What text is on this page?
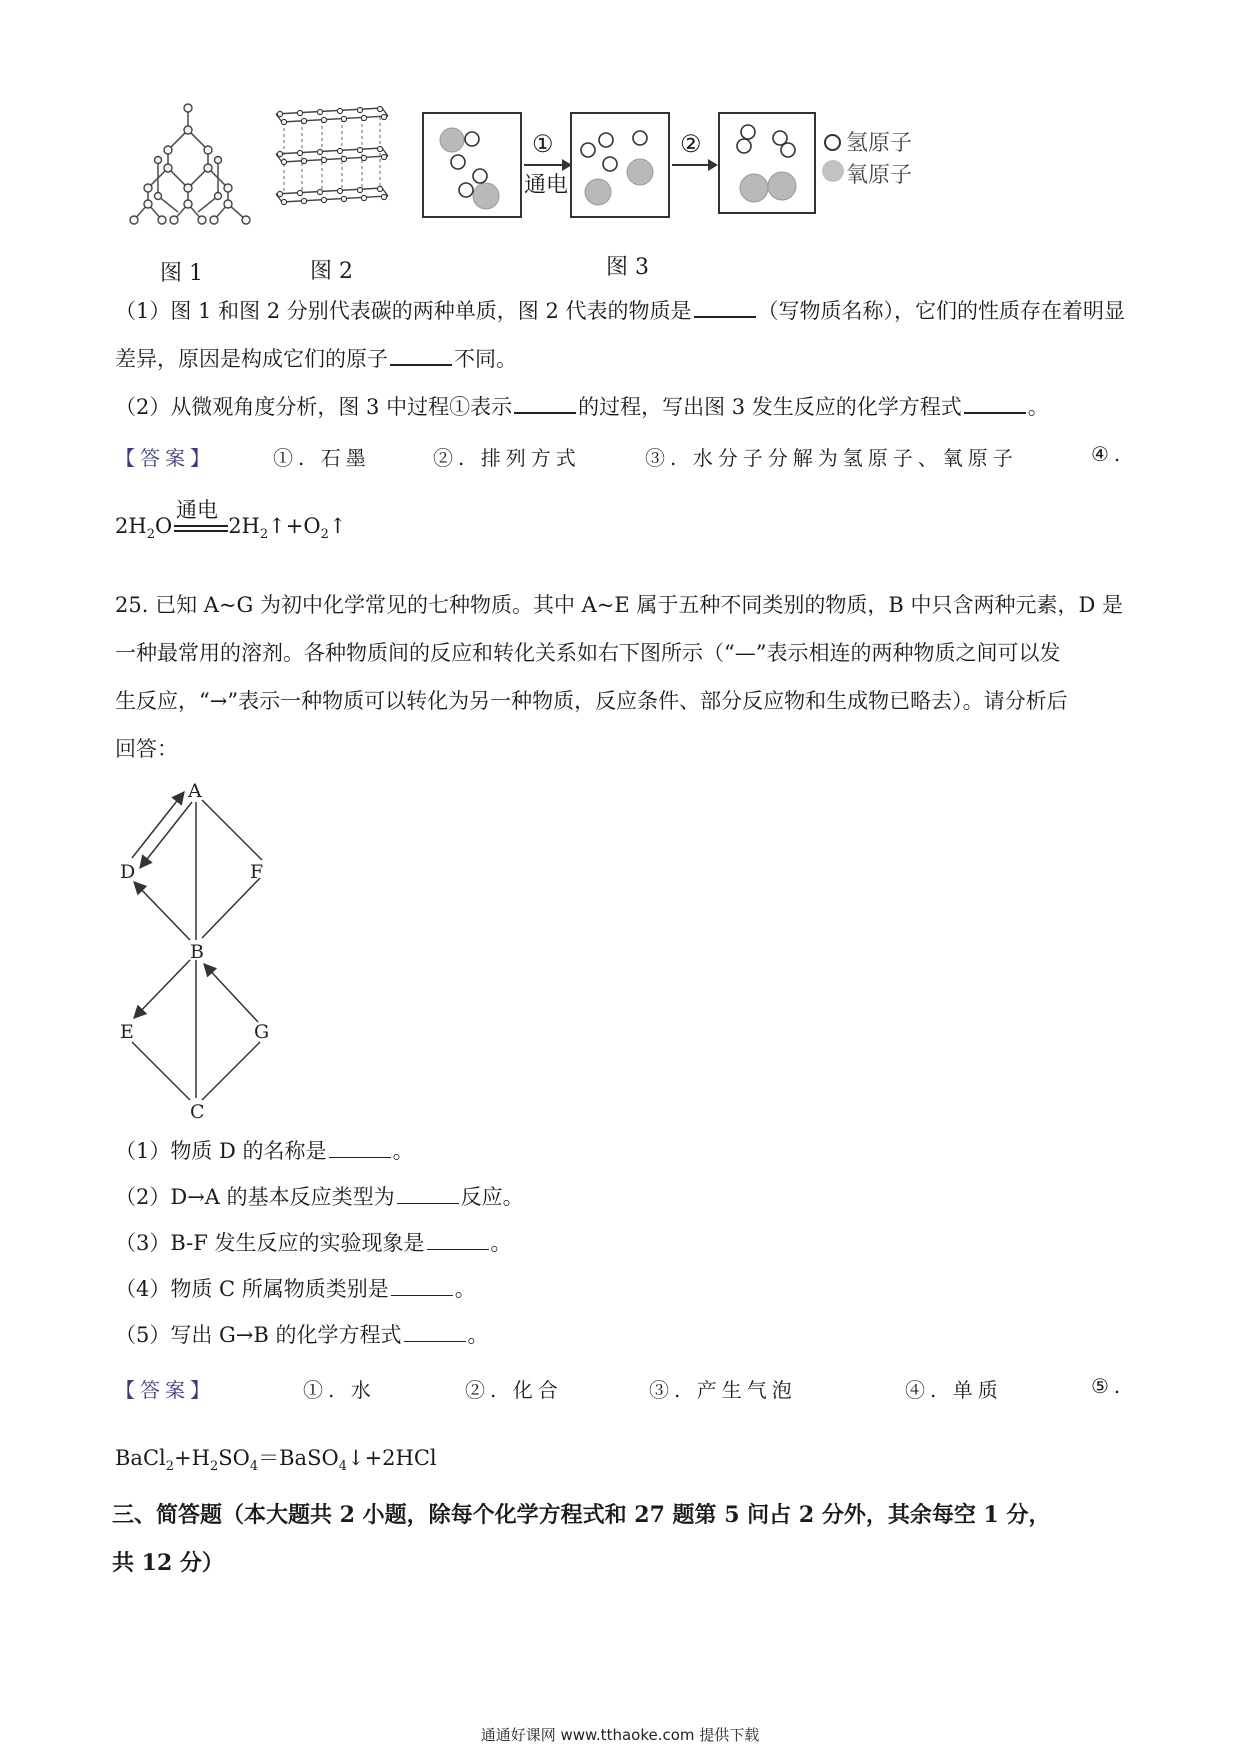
①
通电
②	氢原子
氧原子
图 1	图 2	图 3
（1）图 1 和图 2 分别代表碳的两种单质，图 2 代表的物质是	（写物质名称），它们的性质存在着明显
差异，原因是构成它们的原子	不同。
（2）从微观角度分析，图 3 中过程①表示	的过程，写出图 3 发生反应的化学方程式	。
【答案】	①. 石墨	②. 排列方式	③. 水分子分解为氢原子、氧原子	④.
通电
$2H_2O$	$2H_2↑+O_2↑$
25. 已知 A~G 为初中化学常见的七种物质。其中 A~E 属于五种不同类别的物质，B 中只含两种元素，D 是
一种最常用的溶剂。各种物质间的反应和转化关系如右下图所示（“—”表示相连的两种物质之间可以发
生反应，“→”表示一种物质可以转化为另一种物质，反应条件、部分反应物和生成物已略去）。请分析后
回答：
A
D	F
B
E	G
C
（1）物质 D 的名称是	。
（2）D→A 的基本反应类型为	反应。
（3）B-F 发生反应的实验现象是	。
（4）物质 C 所属物质类别是	。
（5）写出 G→B 的化学方程式	。
【答案】	①. 水	②. 化合	③. 产生气泡	④. 单质	⑤.
$BaCl_2+H_2SO_4=BaSO_4↓+2HCl$
三、简答题（本大题共 2 小题，除每个化学方程式和 27 题第 5 问占 2 分外，其余每空 1 分，
共 12 分）
通通好课网 www.tthaoke.com 提供下载
